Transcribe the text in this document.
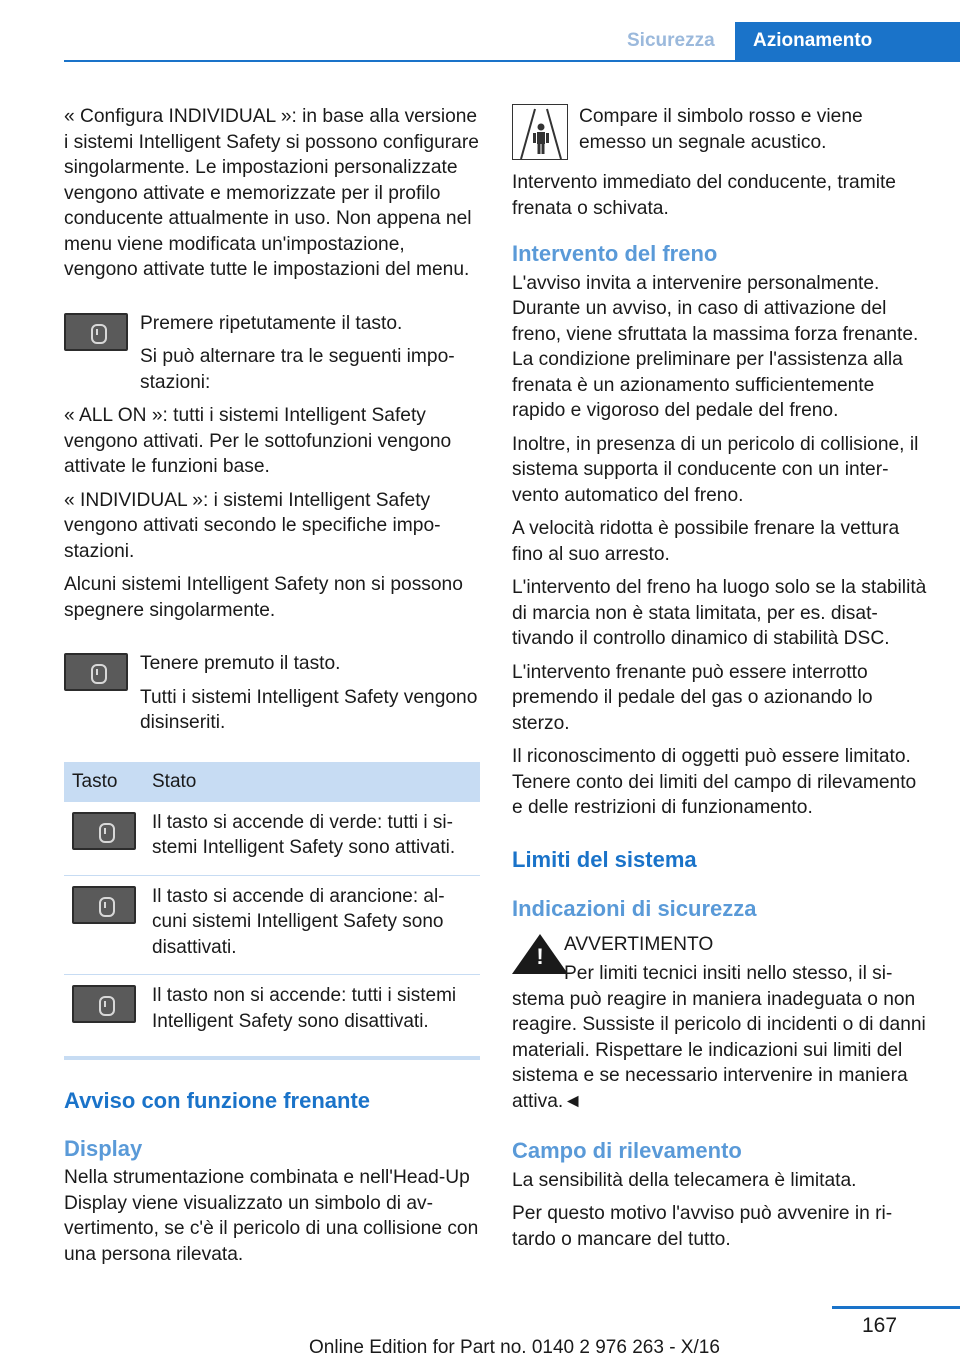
Sicurezza	Azionamento

« Configura INDIVIDUAL »: in base alla versione i sistemi Intelligent Safety si possono configurare singolarmente. Le impostazioni personalizzate vengono attivate e memorizzate per il profilo conducente attualmente in uso. Non appena nel menu viene modificata un'impostazione, vengono attivate tutte le impostazioni del menu.

Premere ripetutamente il tasto.

Si può alternare tra le seguenti impostazioni:

« ALL ON »: tutti i sistemi Intelligent Safety vengono attivati. Per le sottofunzioni vengono attivate le funzioni base.

« INDIVIDUAL »: i sistemi Intelligent Safety vengono attivati secondo le specifiche impostazioni.

Alcuni sistemi Intelligent Safety non si possono spegnere singolarmente.

Tenere premuto il tasto.

Tutti i sistemi Intelligent Safety vengono disinseriti.

Tasto	Stato

	Il tasto si accende di verde: tutti i sistemi Intelligent Safety sono attivati.

	Il tasto si accende di arancione: alcuni sistemi Intelligent Safety sono disattivati.

	Il tasto non si accende: tutti i sistemi Intelligent Safety sono disattivati.
Avviso con funzione frenante
Display

Nella strumentazione combinata e nell'Head-Up Display viene visualizzato un simbolo di avvertimento, se c'è il pericolo di una collisione con una persona rilevata.

Compare il simbolo rosso e viene emesso un segnale acustico.

Intervento immediato del conducente, tramite frenata o schivata.

Intervento del freno

L'avviso invita a intervenire personalmente. Durante un avviso, in caso di attivazione del freno, viene sfruttata la massima forza frenante. La condizione preliminare per l'assistenza alla frenata è un azionamento sufficientemente rapido e vigoroso del pedale del freno.

Inoltre, in presenza di un pericolo di collisione, il sistema supporta il conducente con un intervento automatico del freno.

A velocità ridotta è possibile frenare la vettura fino al suo arresto.

L'intervento del freno ha luogo solo se la stabilità di marcia non è stata limitata, per es. disattivando il controllo dinamico di stabilità DSC.

L'intervento frenante può essere interrotto premendo il pedale del gas o azionando lo sterzo.

Il riconoscimento di oggetti può essere limitato. Tenere conto dei limiti del campo di rilevamento e delle restrizioni di funzionamento.

Limiti del sistema
Indicazioni di sicurezza
! AVVERTIMENTO

Per limiti tecnici insiti nello stesso, il sistema può reagire in maniera inadeguata o non reagire. Sussiste il pericolo di incidenti o di danni materiali. Rispettare le indicazioni sui limiti del sistema e se necessario intervenire in maniera attiva.◄

Campo di rilevamento

La sensibilità della telecamera è limitata.

Per questo motivo l'avviso può avvenire in ritardo o mancare del tutto.

167
Online Edition for Part no. 0140 2 976 263 - X/16
